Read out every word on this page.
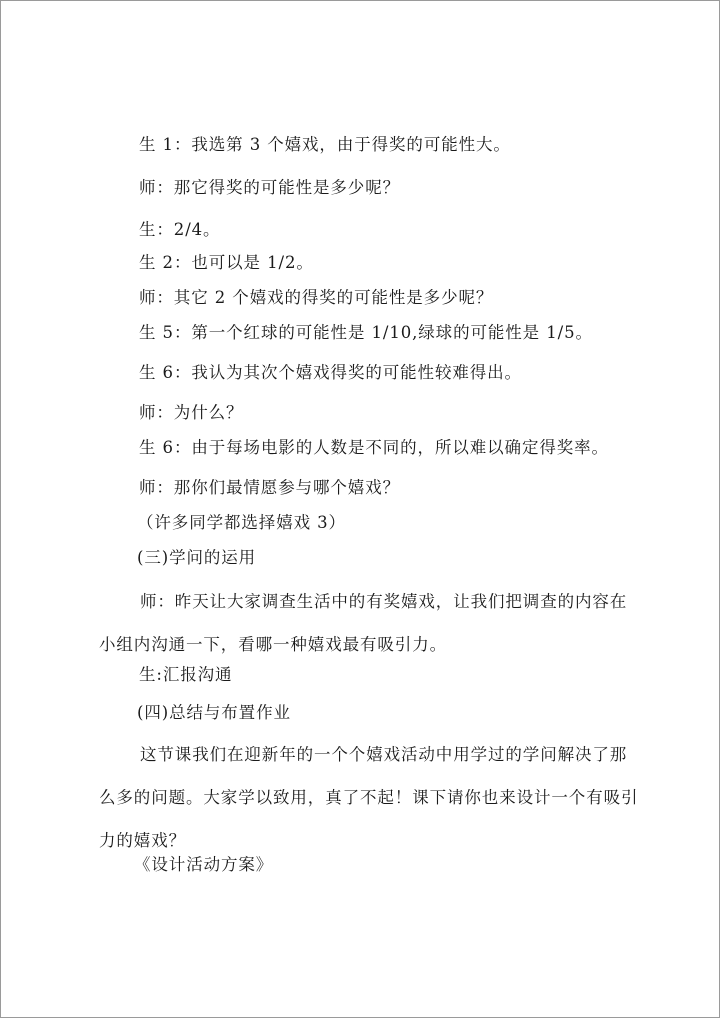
生 1：我选第 3 个嬉戏，由于得奖的可能性大。
师：那它得奖的可能性是多少呢？
生：2/4。
生 2：也可以是 1/2。
师：其它 2 个嬉戏的得奖的可能性是多少呢？
生 5：第一个红球的可能性是 1/10,绿球的可能性是 1/5。
生 6：我认为其次个嬉戏得奖的可能性较难得出。
师：为什么？
生 6：由于每场电影的人数是不同的，所以难以确定得奖率。
师：那你们最情愿参与哪个嬉戏？
（许多同学都选择嬉戏 3）
(三)学问的运用
师：昨天让大家调查生活中的有奖嬉戏，让我们把调查的内容在小组内沟通一下，看哪一种嬉戏最有吸引力。
生:汇报沟通
(四)总结与布置作业
这节课我们在迎新年的一个个嬉戏活动中用学过的学问解决了那么多的问题。大家学以致用，真了不起！课下请你也来设计一个有吸引力的嬉戏？
《设计活动方案》
